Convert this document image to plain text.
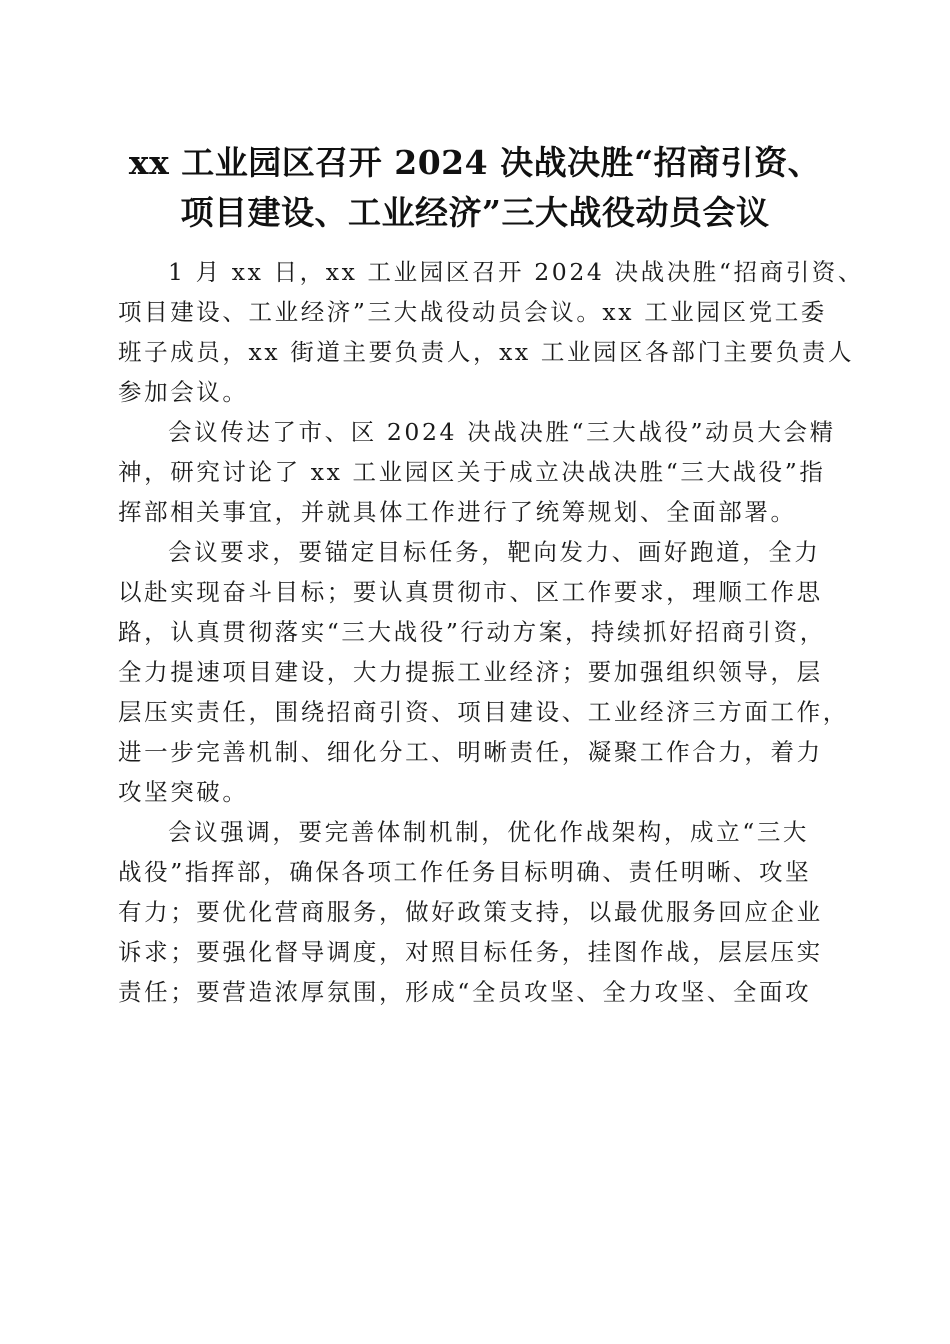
xx 工业园区召开 2024 决战决胜“招商引资、
项目建设、工业经济”三大战役动员会议
1 月 xx 日，xx 工业园区召开 2024 决战决胜“招商引资、
项目建设、工业经济”三大战役动员会议。xx 工业园区党工委
班子成员，xx 街道主要负责人，xx 工业园区各部门主要负责人
参加会议。
会议传达了市、区 2024 决战决胜“三大战役”动员大会精
神，研究讨论了 xx 工业园区关于成立决战决胜“三大战役”指
挥部相关事宜，并就具体工作进行了统筹规划、全面部署。
会议要求，要锚定目标任务，靶向发力、画好跑道，全力
以赴实现奋斗目标；要认真贯彻市、区工作要求，理顺工作思
路，认真贯彻落实“三大战役”行动方案，持续抓好招商引资，
全力提速项目建设，大力提振工业经济；要加强组织领导，层
层压实责任，围绕招商引资、项目建设、工业经济三方面工作，
进一步完善机制、细化分工、明晰责任，凝聚工作合力，着力
攻坚突破。
会议强调，要完善体制机制，优化作战架构，成立“三大
战役”指挥部，确保各项工作任务目标明确、责任明晰、攻坚
有力；要优化营商服务，做好政策支持，以最优服务回应企业
诉求；要强化督导调度，对照目标任务，挂图作战，层层压实
责任；要营造浓厚氛围，形成“全员攻坚、全力攻坚、全面攻
